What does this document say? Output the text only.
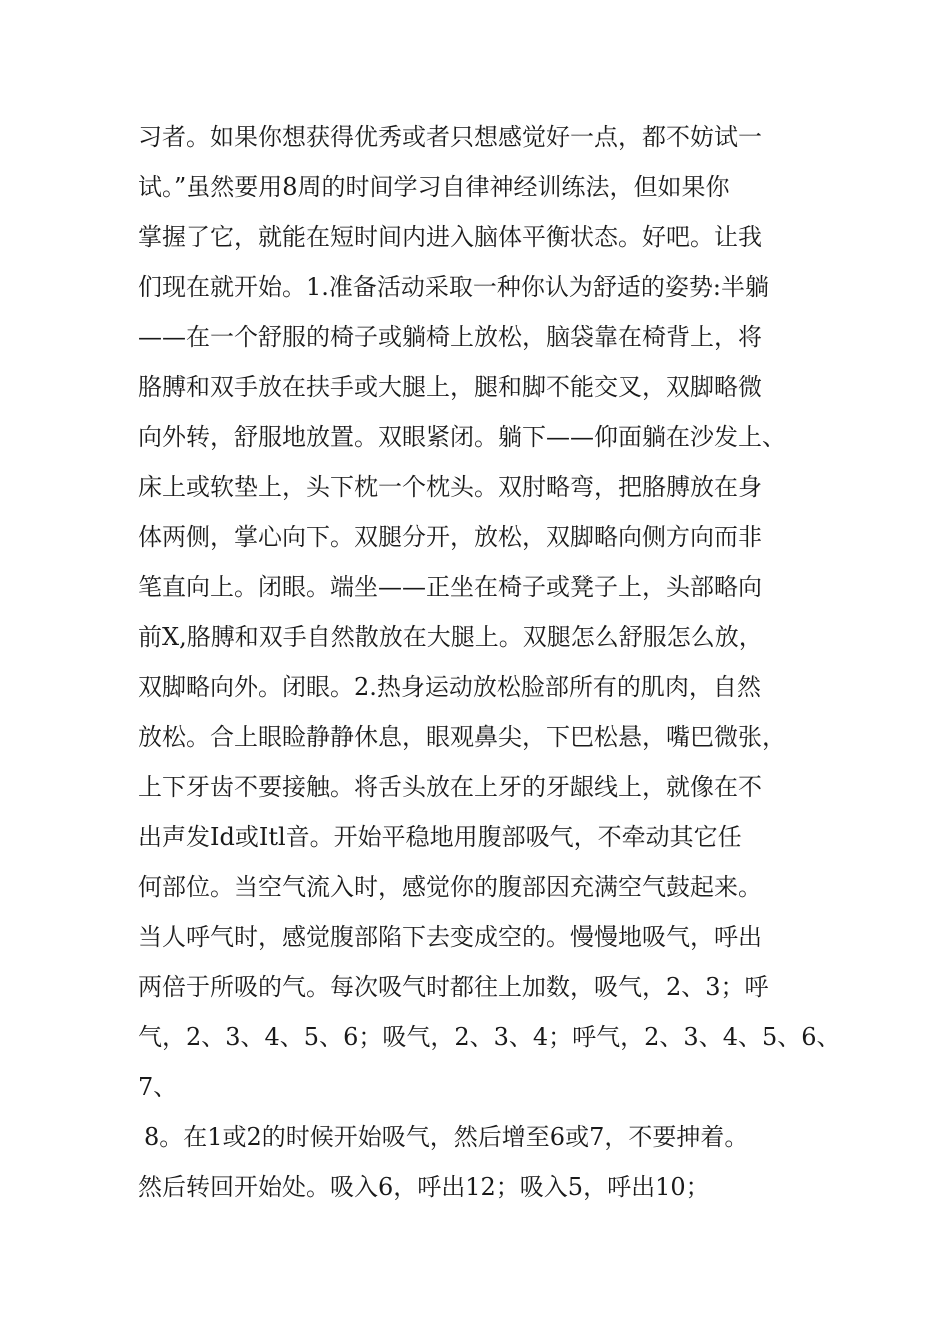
习者。如果你想获得优秀或者只想感觉好一点，都不妨试一
试。”虽然要用8周的时间学习自律神经训练法，但如果你
掌握了它，就能在短时间内进入脑体平衡状态。好吧。让我
们现在就开始。1.准备活动采取一种你认为舒适的姿势:半躺
——在一个舒服的椅子或躺椅上放松，脑袋靠在椅背上，将
胳膊和双手放在扶手或大腿上，腿和脚不能交叉，双脚略微
向外转，舒服地放置。双眼紧闭。躺下——仰面躺在沙发上、
床上或软垫上，头下枕一个枕头。双肘略弯，把胳膊放在身
体两侧，掌心向下。双腿分开，放松，双脚略向侧方向而非
笔直向上。闭眼。端坐——正坐在椅子或凳子上，头部略向
前X,胳膊和双手自然散放在大腿上。双腿怎么舒服怎么放，
双脚略向外。闭眼。2.热身运动放松脸部所有的肌肉，自然
放松。合上眼睑静静休息，眼观鼻尖，下巴松悬，嘴巴微张，
上下牙齿不要接触。将舌头放在上牙的牙龈线上，就像在不
出声发Id或Itl音。开始平稳地用腹部吸气，不牵动其它任
何部位。当空气流入时，感觉你的腹部因充满空气鼓起来。
当人呼气时，感觉腹部陷下去变成空的。慢慢地吸气，呼出
两倍于所吸的气。每次吸气时都往上加数，吸气，2、3；呼
气，2、3、4、5、6；吸气，2、3、4；呼气，2、3、4、5、6、
7、
8。在1或2的时候开始吸气，然后增至6或7，不要抻着。
然后转回开始处。吸入6，呼出12；吸入5，呼出10；
